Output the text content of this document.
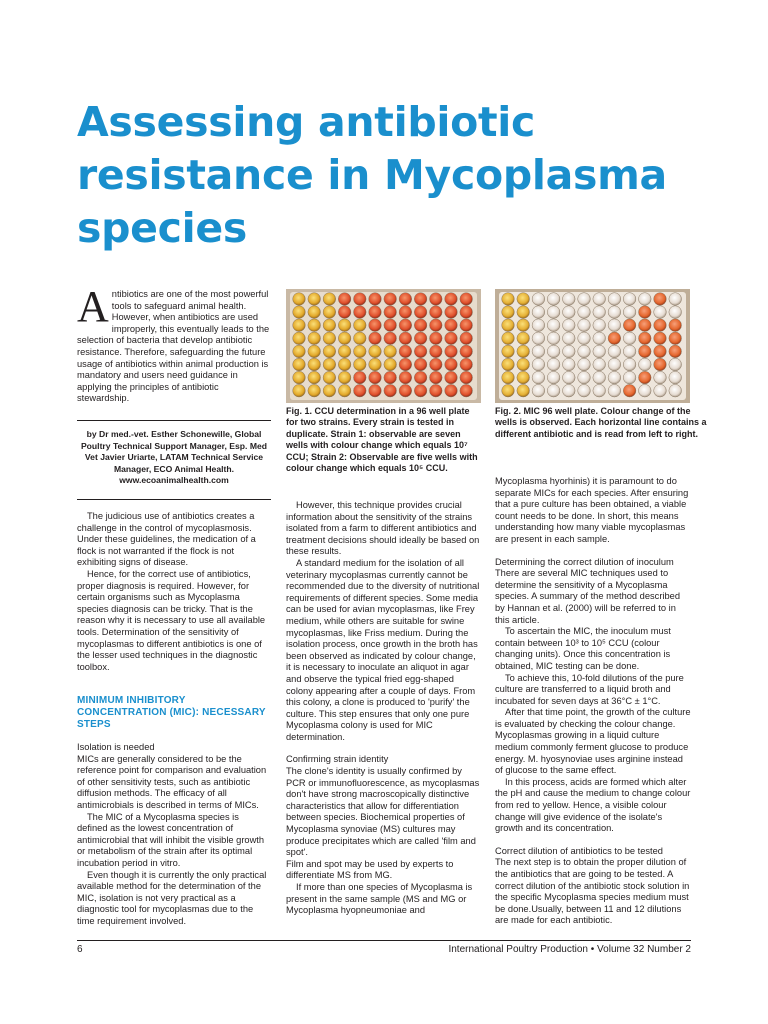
Assessing antibiotic resistance in Mycoplasma species
Antibiotics are one of the most powerful tools to safeguard animal health. However, when antibiotics are used improperly, this eventually leads to the selection of bacteria that develop antibiotic resistance. Therefore, safeguarding the future usage of antibiotics within animal production is mandatory and users need guidance in applying the principles of antibiotic stewardship.
by Dr med.-vet. Esther Schonewille, Global Poultry Technical Support Manager, Esp. Med Vet Javier Uriarte, LATAM Technical Service Manager, ECO Animal Health. www.ecoanimalhealth.com

The judicious use of antibiotics creates a challenge in the control of mycoplasmosis. Under these guidelines, the medication of a flock is not warranted if the flock is not exhibiting signs of disease.

Hence, for the correct use of antibiotics, proper diagnosis is required. However, for certain organisms such as Mycoplasma species diagnosis can be tricky. That is the reason why it is necessary to use all available tools. Determination of the sensitivity of mycoplasmas to different antibiotics is one of the lesser used techniques in the diagnostic toolbox.

MINIMUM INHIBITORY CONCENTRATION (MIC): NECESSARY STEPS

Isolation is needed

MICs are generally considered to be the reference point for comparison and evaluation of other sensitivity tests, such as antibiotic diffusion methods. The efficacy of all antimicrobials is described in terms of MICs.

The MIC of a Mycoplasma species is defined as the lowest concentration of antimicrobial that will inhibit the visible growth or metabolism of the strain after its optimal incubation period in vitro.

Even though it is currently the only practical available method for the determination of the MIC, isolation is not very practical as a diagnostic tool for mycoplasmas due to the time requirement involved.

Fig. 1. CCU determination in a 96 well plate for two strains. Every strain is tested in duplicate. Strain 1: observable are seven wells with colour change which equals 10⁷ CCU; Strain 2: Observable are five wells with colour change which equals 10⁵ CCU.
Fig. 2. MIC 96 well plate. Colour change of the wells is observed. Each horizontal line contains a different antibiotic and is read from left to right.

However, this technique provides crucial information about the sensitivity of the strains isolated from a farm to different antibiotics and treatment decisions should ideally be based on these results.

A standard medium for the isolation of all veterinary mycoplasmas currently cannot be recommended due to the diversity of nutritional requirements of different species. Some media can be used for avian mycoplasmas, like Frey medium, while others are suitable for swine mycoplasmas, like Friss medium. During the isolation process, once growth in the broth has been observed as indicated by colour change, it is necessary to inoculate an aliquot in agar and observe the typical fried egg-shaped colony appearing after a couple of days. From this colony, a clone is produced to 'purify' the culture. This step ensures that only one pure Mycoplasma colony is used for MIC determination.

Confirming strain identity

The clone's identity is usually confirmed by PCR or immunofluorescence, as mycoplasmas don't have strong macroscopically distinctive characteristics that allow for differentiation between species. Biochemical properties of Mycoplasma synoviae (MS) cultures may produce precipitates which are called 'film and spot'.

Film and spot may be used by experts to differentiate MS from MG.

If more than one species of Mycoplasma is present in the same sample (MS and MG or Mycoplasma hyopneumoniae and

Mycoplasma hyorhinis) it is paramount to do separate MICs for each species. After ensuring that a pure culture has been obtained, a viable count needs to be done. In short, this means understanding how many viable mycoplasmas are present in each sample.

Determining the correct dilution of inoculum

There are several MIC techniques used to determine the sensitivity of a Mycoplasma species. A summary of the method described by Hannan et al. (2000) will be referred to in this article.

To ascertain the MIC, the inoculum must contain between 10³ to 10⁵ CCU (colour changing units). Once this concentration is obtained, MIC testing can be done.

To achieve this, 10-fold dilutions of the pure culture are transferred to a liquid broth and incubated for seven days at 36°C ± 1°C.

After that time point, the growth of the culture is evaluated by checking the colour change. Mycoplasmas growing in a liquid culture medium commonly ferment glucose to produce energy. M. hyosynoviae uses arginine instead of glucose to the same effect.

In this process, acids are formed which alter the pH and cause the medium to change colour from red to yellow. Hence, a visible colour change will give evidence of the isolate's growth and its concentration.

Correct dilution of antibiotics to be tested

The next step is to obtain the proper dilution of the antibiotics that are going to be tested. A correct dilution of the antibiotic stock solution in the specific Mycoplasma species medium must be done.Usually, between 11 and 12 dilutions are made for each antibiotic.

6	International Poultry Production • Volume 32 Number 2
